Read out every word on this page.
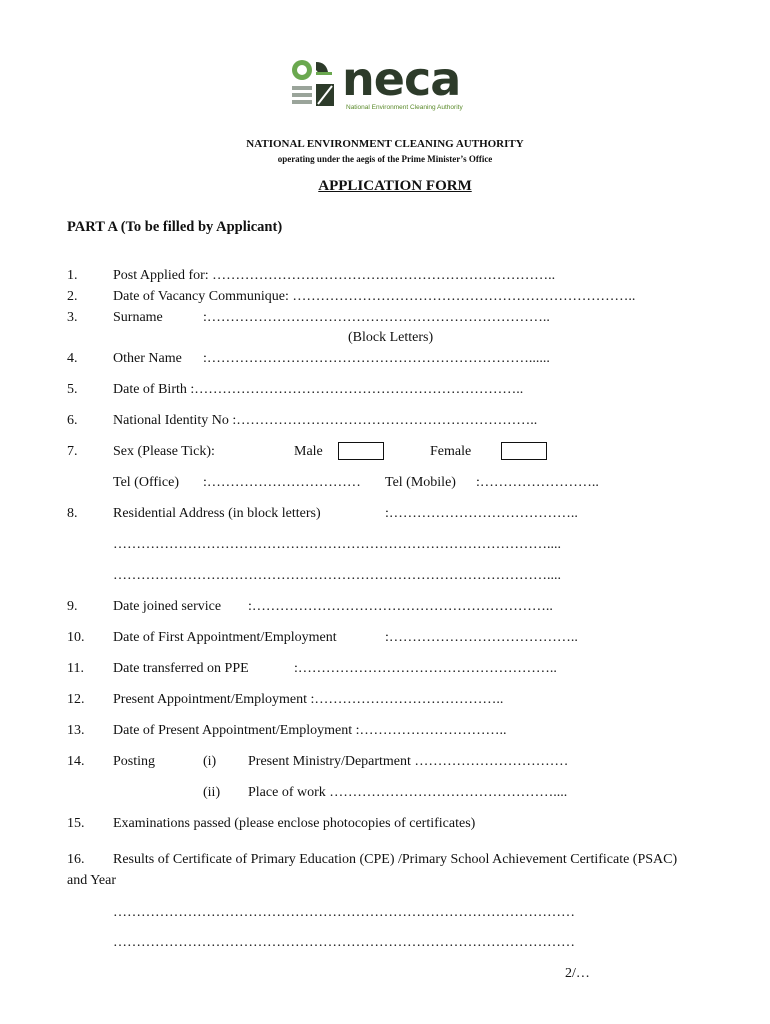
neca
National Environment Cleaning Authority
NATIONAL ENVIRONMENT CLEANING AUTHORITY
operating under the aegis of the Prime Minister’s Office
APPLICATION FORM
PART A (To be filled by Applicant)
1.	Post Applied for: ………………………………………………………………..
2.	Date of Vacancy Communique: ………………………………………………………………..
3.	Surname	:………………………………………………………………..
(Block Letters)
4.	Other Name :……………………………………………………………......
5.	Date of Birth :……………………………………………………………..
6.	National Identity No :………………………………………………………..
7.	Sex (Please Tick):	Male	Female
Tel (Office) :…………………………… Tel (Mobile) :……………………..
8.	Residential Address (in block letters)	:…………………………………..
…………………………………………………………………………………....
…………………………………………………………………………………....
9.	Date joined service :………………………………………………………..
10. Date of First Appointment/Employment	:…………………………………..
11. Date transferred on PPE	:………………………………………………..
12. Present Appointment/Employment :…………………………………..
13. Date of Present Appointment/Employment :…………………………..
14. Posting	(i) Present Ministry/Department ……………………………
(ii) Place of work …………………………………………....
15. Examinations passed (please enclose photocopies of certificates)
16. Results of Certificate of Primary Education (CPE) /Primary School Achievement Certificate (PSAC)
and Year
………………………………………………………………………………………
………………………………………………………………………………………
2/…
